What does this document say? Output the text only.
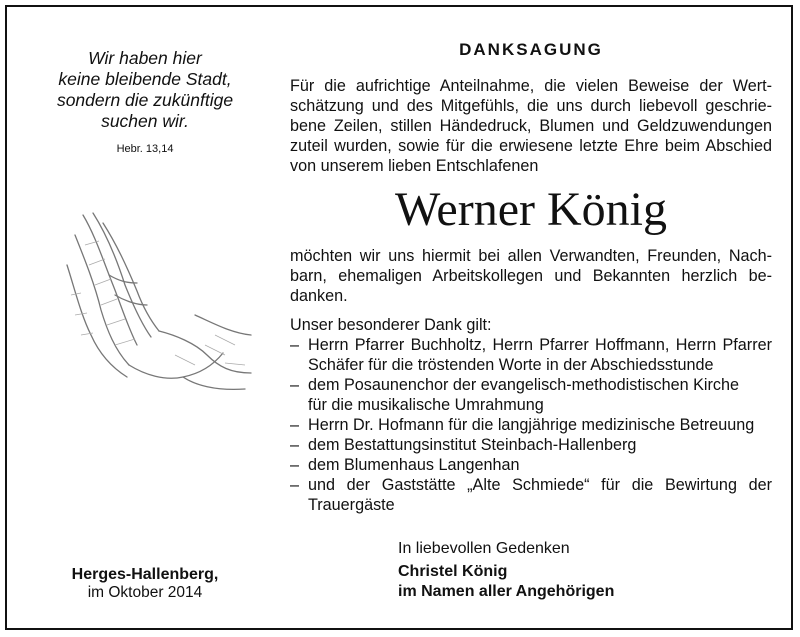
Wir haben hier
keine bleibende Stadt,
sondern die zukünftige
suchen wir.
Hebr. 13,14
Herges-Hallenberg,
im Oktober 2014
DANKSAGUNG
Für die aufrichtige Anteilnahme, die vielen Beweise der Wert-
schätzung und des Mitgefühls, die uns durch liebevoll geschrie-
bene Zeilen, stillen Händedruck, Blumen und Geldzuwendungen
zuteil wurden, sowie für die erwiesene letzte Ehre beim Abschied
von unserem lieben Entschlafenen
Werner König
möchten wir uns hiermit bei allen Verwandten, Freunden, Nach-
barn, ehemaligen Arbeitskollegen und Bekannten herzlich be-
danken.
Unser besonderer Dank gilt:
– Herrn Pfarrer Buchholtz, Herrn Pfarrer Hoffmann, Herrn Pfarrer
Schäfer für die tröstenden Worte in der Abschiedsstunde
– dem Posaunenchor der evangelisch-methodistischen Kirche
für die musikalische Umrahmung
– Herrn Dr. Hofmann für die langjährige medizinische Betreuung
– dem Bestattungsinstitut Steinbach-Hallenberg
– dem Blumenhaus Langenhan
– und der Gaststätte „Alte Schmiede“ für die Bewirtung der
Trauergäste
In liebevollen Gedenken
Christel König
im Namen aller Angehörigen
